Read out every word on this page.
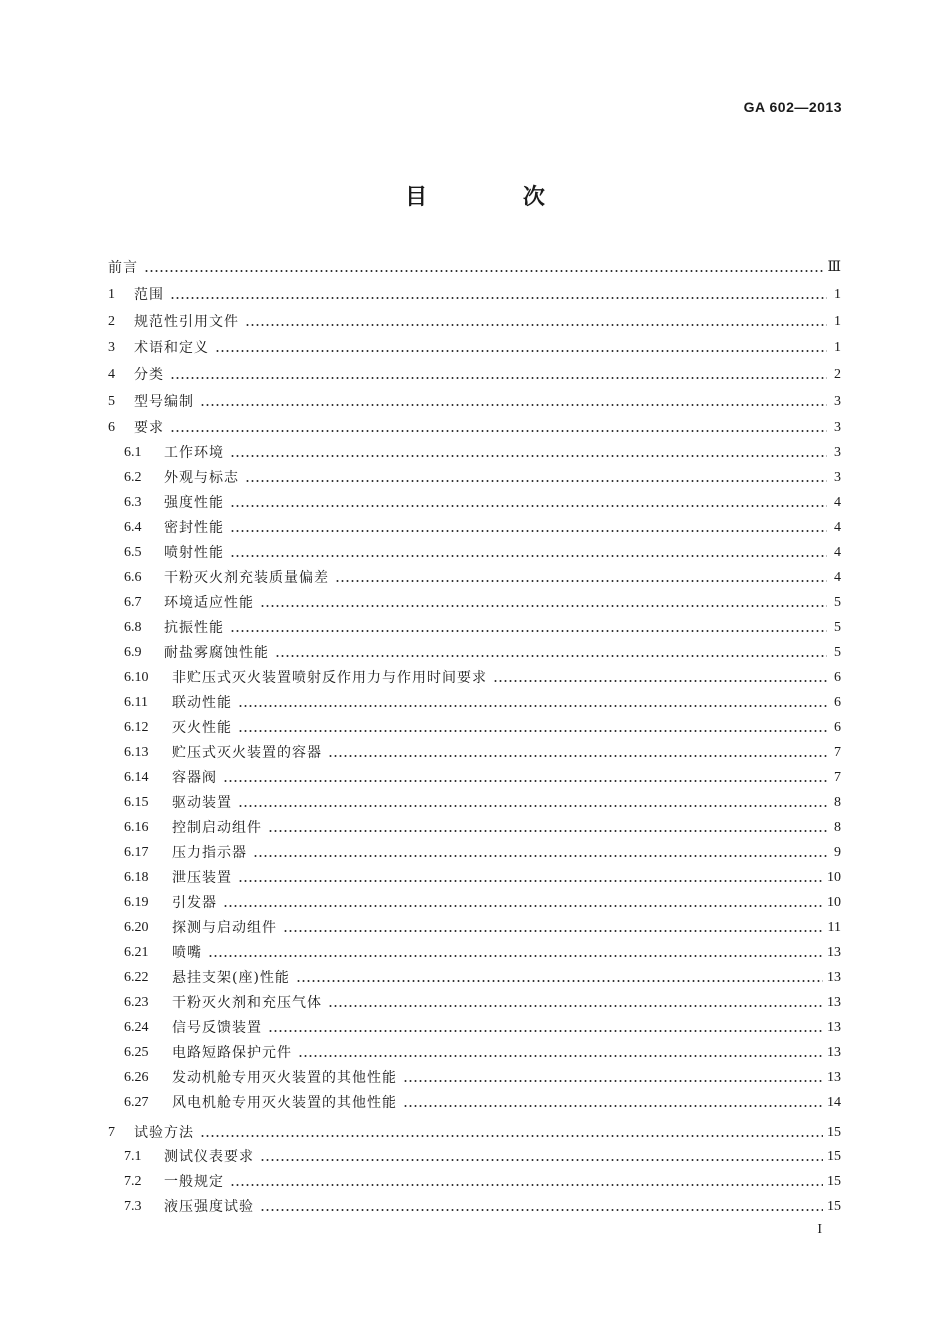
GA 602—2013
目 次
前言	Ⅲ
1	范围	1
2	规范性引用文件	1
3	术语和定义	1
4	分类	2
5	型号编制	3
6	要求	3
6.1	工作环境	3
6.2	外观与标志	3
6.3	强度性能	4
6.4	密封性能	4
6.5	喷射性能	4
6.6	干粉灭火剂充装质量偏差	4
6.7	环境适应性能	5
6.8	抗振性能	5
6.9	耐盐雾腐蚀性能	5
6.10	非贮压式灭火装置喷射反作用力与作用时间要求	6
6.11	联动性能	6
6.12	灭火性能	6
6.13	贮压式灭火装置的容器	7
6.14	容器阀	7
6.15	驱动装置	8
6.16	控制启动组件	8
6.17	压力指示器	9
6.18	泄压装置	10
6.19	引发器	10
6.20	探测与启动组件	11
6.21	喷嘴	13
6.22	悬挂支架(座)性能	13
6.23	干粉灭火剂和充压气体	13
6.24	信号反馈装置	13
6.25	电路短路保护元件	13
6.26	发动机舱专用灭火装置的其他性能	13
6.27	风电机舱专用灭火装置的其他性能	14
7	试验方法	15
7.1	测试仪表要求	15
7.2	一般规定	15
7.3	液压强度试验	15
I
